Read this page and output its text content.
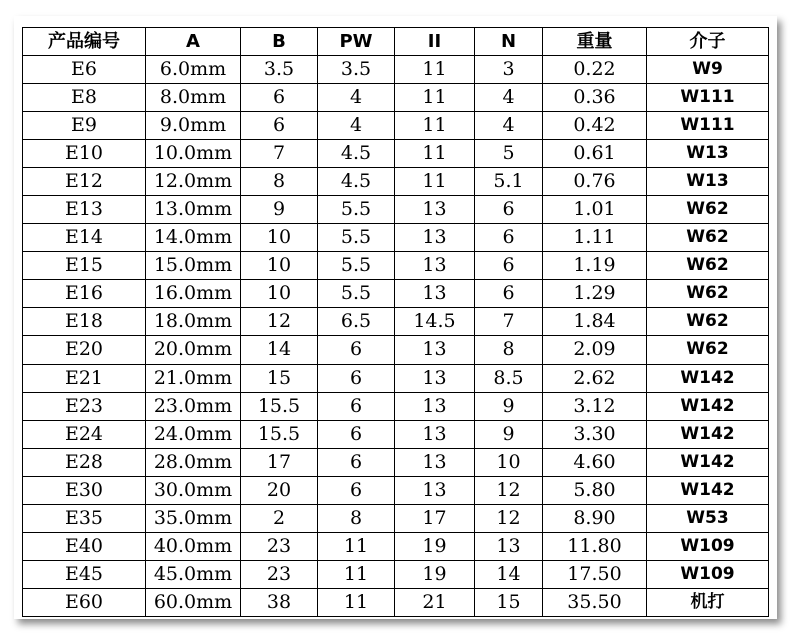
产品编号	A	B	PW	II	N	重量	介子
E6	6.0mm	3.5	3.5	11	3	0.22	W9
E8	8.0mm	6	4	11	4	0.36	W111
E9	9.0mm	6	4	11	4	0.42	W111
E10	10.0mm	7	4.5	11	5	0.61	W13
E12	12.0mm	8	4.5	11	5.1	0.76	W13
E13	13.0mm	9	5.5	13	6	1.01	W62
E14	14.0mm	10	5.5	13	6	1.11	W62
E15	15.0mm	10	5.5	13	6	1.19	W62
E16	16.0mm	10	5.5	13	6	1.29	W62
E18	18.0mm	12	6.5	14.5	7	1.84	W62
E20	20.0mm	14	6	13	8	2.09	W62
E21	21.0mm	15	6	13	8.5	2.62	W142
E23	23.0mm	15.5	6	13	9	3.12	W142
E24	24.0mm	15.5	6	13	9	3.30	W142
E28	28.0mm	17	6	13	10	4.60	W142
E30	30.0mm	20	6	13	12	5.80	W142
E35	35.0mm	2	8	17	12	8.90	W53
E40	40.0mm	23	11	19	13	11.80	W109
E45	45.0mm	23	11	19	14	17.50	W109
E60	60.0mm	38	11	21	15	35.50	机打
